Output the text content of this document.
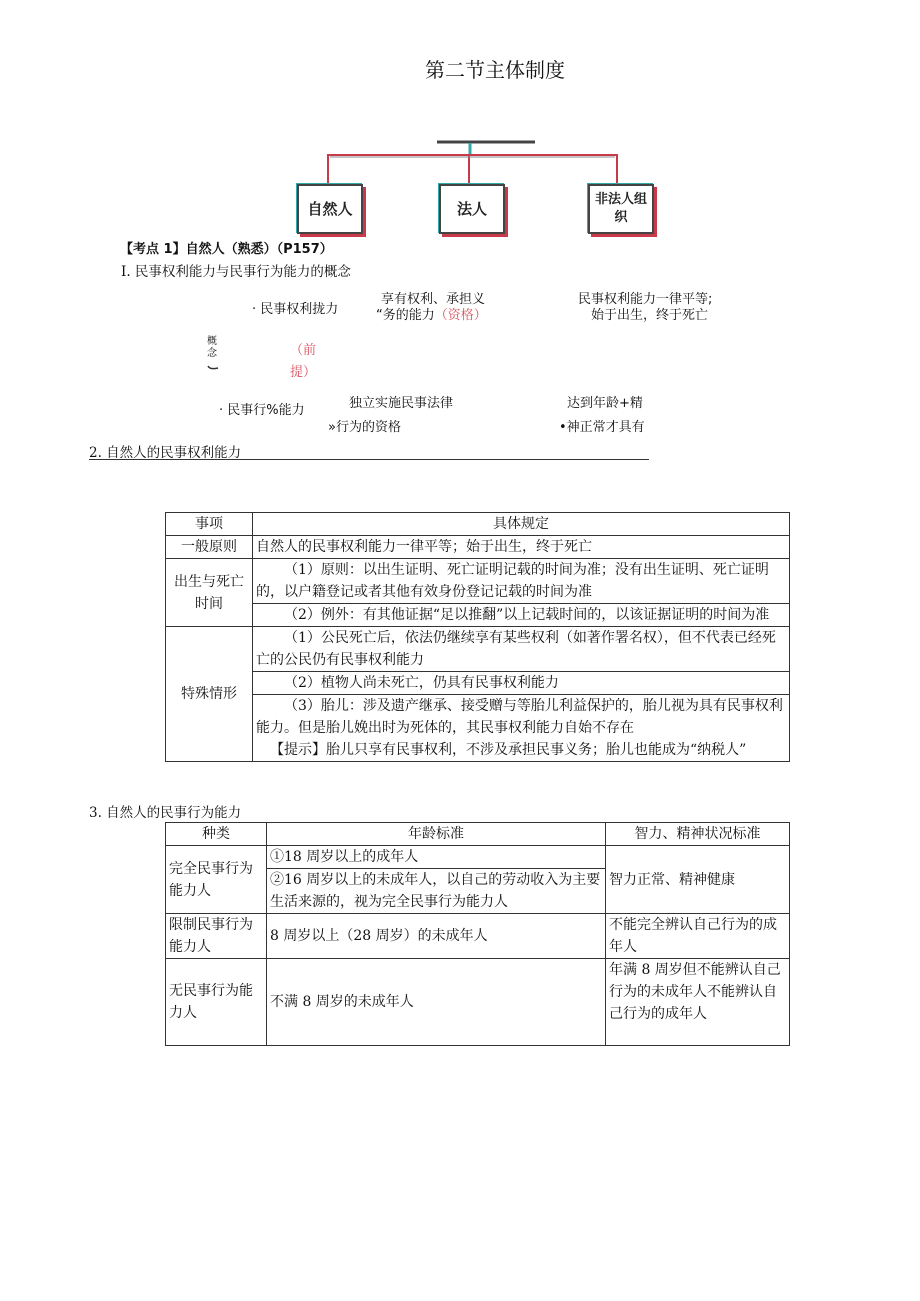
第二节主体制度
自然人	法人
非法人组织
【考点 1】自然人（熟悉）（P157）
I. 民事权利能力与民事行为能力的概念
· 民事权利拢力
享有权利、承担义
“务的能力（资格）
民事权利能力一律平等;
始于出生，终于死亡
概念	（前提）
· 民事行%能力	独立实施民事法律
»行为的资格
达到年龄+精
•神正常才具有
2. 自然人的民事权利能力
事项	具体规定
一般原则	自然人的民事权利能力一律平等；始于出生，终于死亡
出生与死亡时间	（1）原则：以出生证明、死亡证明记载的时间为准；没有出生证明、死亡证明的，以户籍登记或者其他有效身份登记记载的时间为准
	（2）例外：有其他证据“足以推翻”以上记载时间的，以该证据证明的时间为准
特殊情形	（1）公民死亡后，依法仍继续享有某些权利（如著作署名权），但不代表已经死亡的公民仍有民事权利能力
	（2）植物人尚未死亡，仍具有民事权利能力

	（3）胎儿：涉及遗产继承、接受赠与等胎儿利益保护的，胎儿视为具有民事权利能力。但是胎儿娩出时为死体的，其民事权利能力自始不存在
【提示】胎儿只享有民事权利，不涉及承担民事义务；胎儿也能成为“纳税人”
3. 自然人的民事行为能力
种类	年龄标准	智力、精神状况标准
完全民事行为能力人	①18 周岁以上的成年人
②16 周岁以上的未成年人，以自己的劳动收入为主要生活来源的，视为完全民事行为能力人	智力正常、精神健康
限制民事行为能力人	8 周岁以上（28 周岁）的未成年人	不能完全辨认自己行为的成年人
无民事行为能力人	不满 8 周岁的未成年人	年满 8 周岁但不能辨认自己行为的未成年人不能辨认自己行为的成年人
